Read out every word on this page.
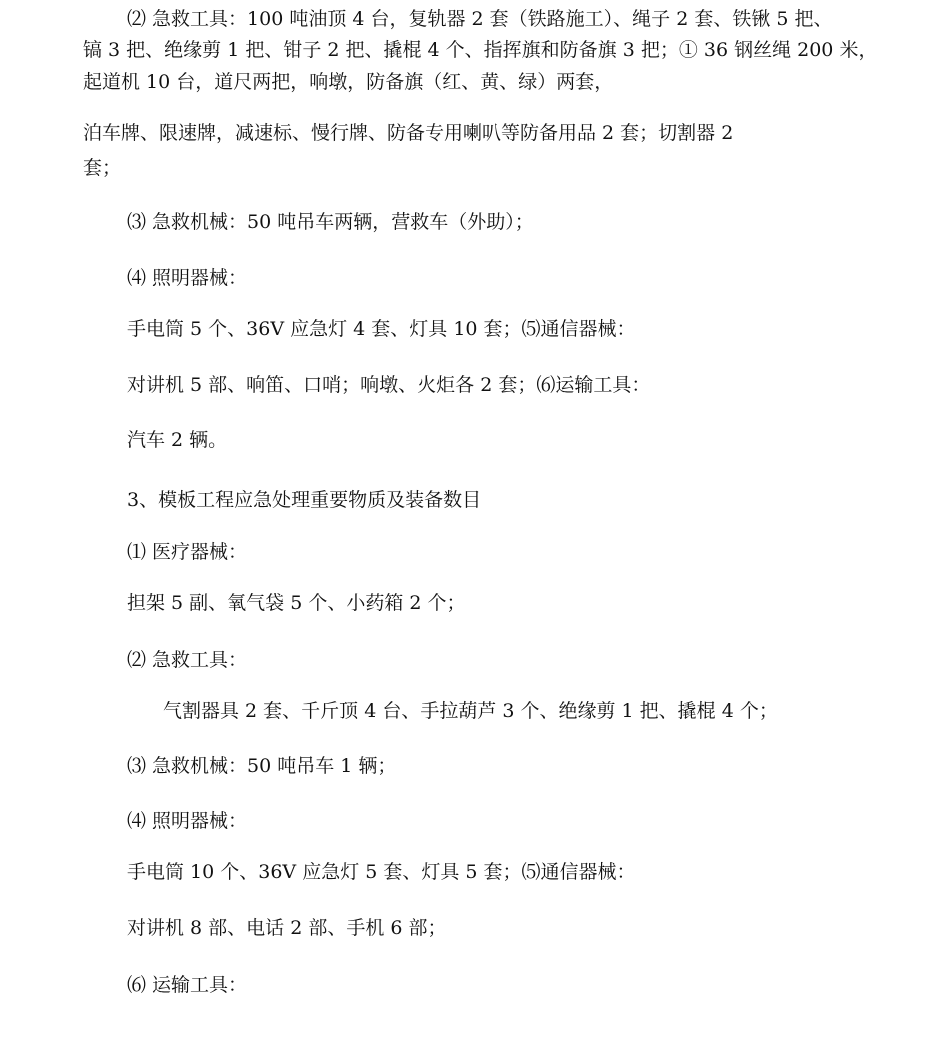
⑵ 急救工具：100 吨油顶 4 台，复轨器 2 套（铁路施工）、绳子 2 套、铁锹 5 把、
镐 3 把、绝缘剪 1 把、钳子 2 把、撬棍 4 个、指挥旗和防备旗 3 把；① 36 钢丝绳 200 米，
起道机 10 台，道尺两把，响墩，防备旗（红、黄、绿）两套，
泊车牌、限速牌，减速标、慢行牌、防备专用喇叭等防备用品 2 套；切割器 2
套；
⑶ 急救机械：50 吨吊车两辆，营救车（外助）；
⑷ 照明器械：
手电筒 5 个、36V 应急灯 4 套、灯具 10 套；⑸通信器械：
对讲机 5 部、响笛、口哨；响墩、火炬各 2 套；⑹运输工具：
汽车 2 辆。
3、模板工程应急处理重要物质及装备数目
⑴ 医疗器械：
担架 5 副、氧气袋 5 个、小药箱 2 个；
⑵ 急救工具：
气割器具 2 套、千斤顶 4 台、手拉葫芦 3 个、绝缘剪 1 把、撬棍 4 个；
⑶ 急救机械：50 吨吊车 1 辆；
⑷ 照明器械：
手电筒 10 个、36V 应急灯 5 套、灯具 5 套；⑸通信器械：
对讲机 8 部、电话 2 部、手机 6 部；
⑹ 运输工具：
